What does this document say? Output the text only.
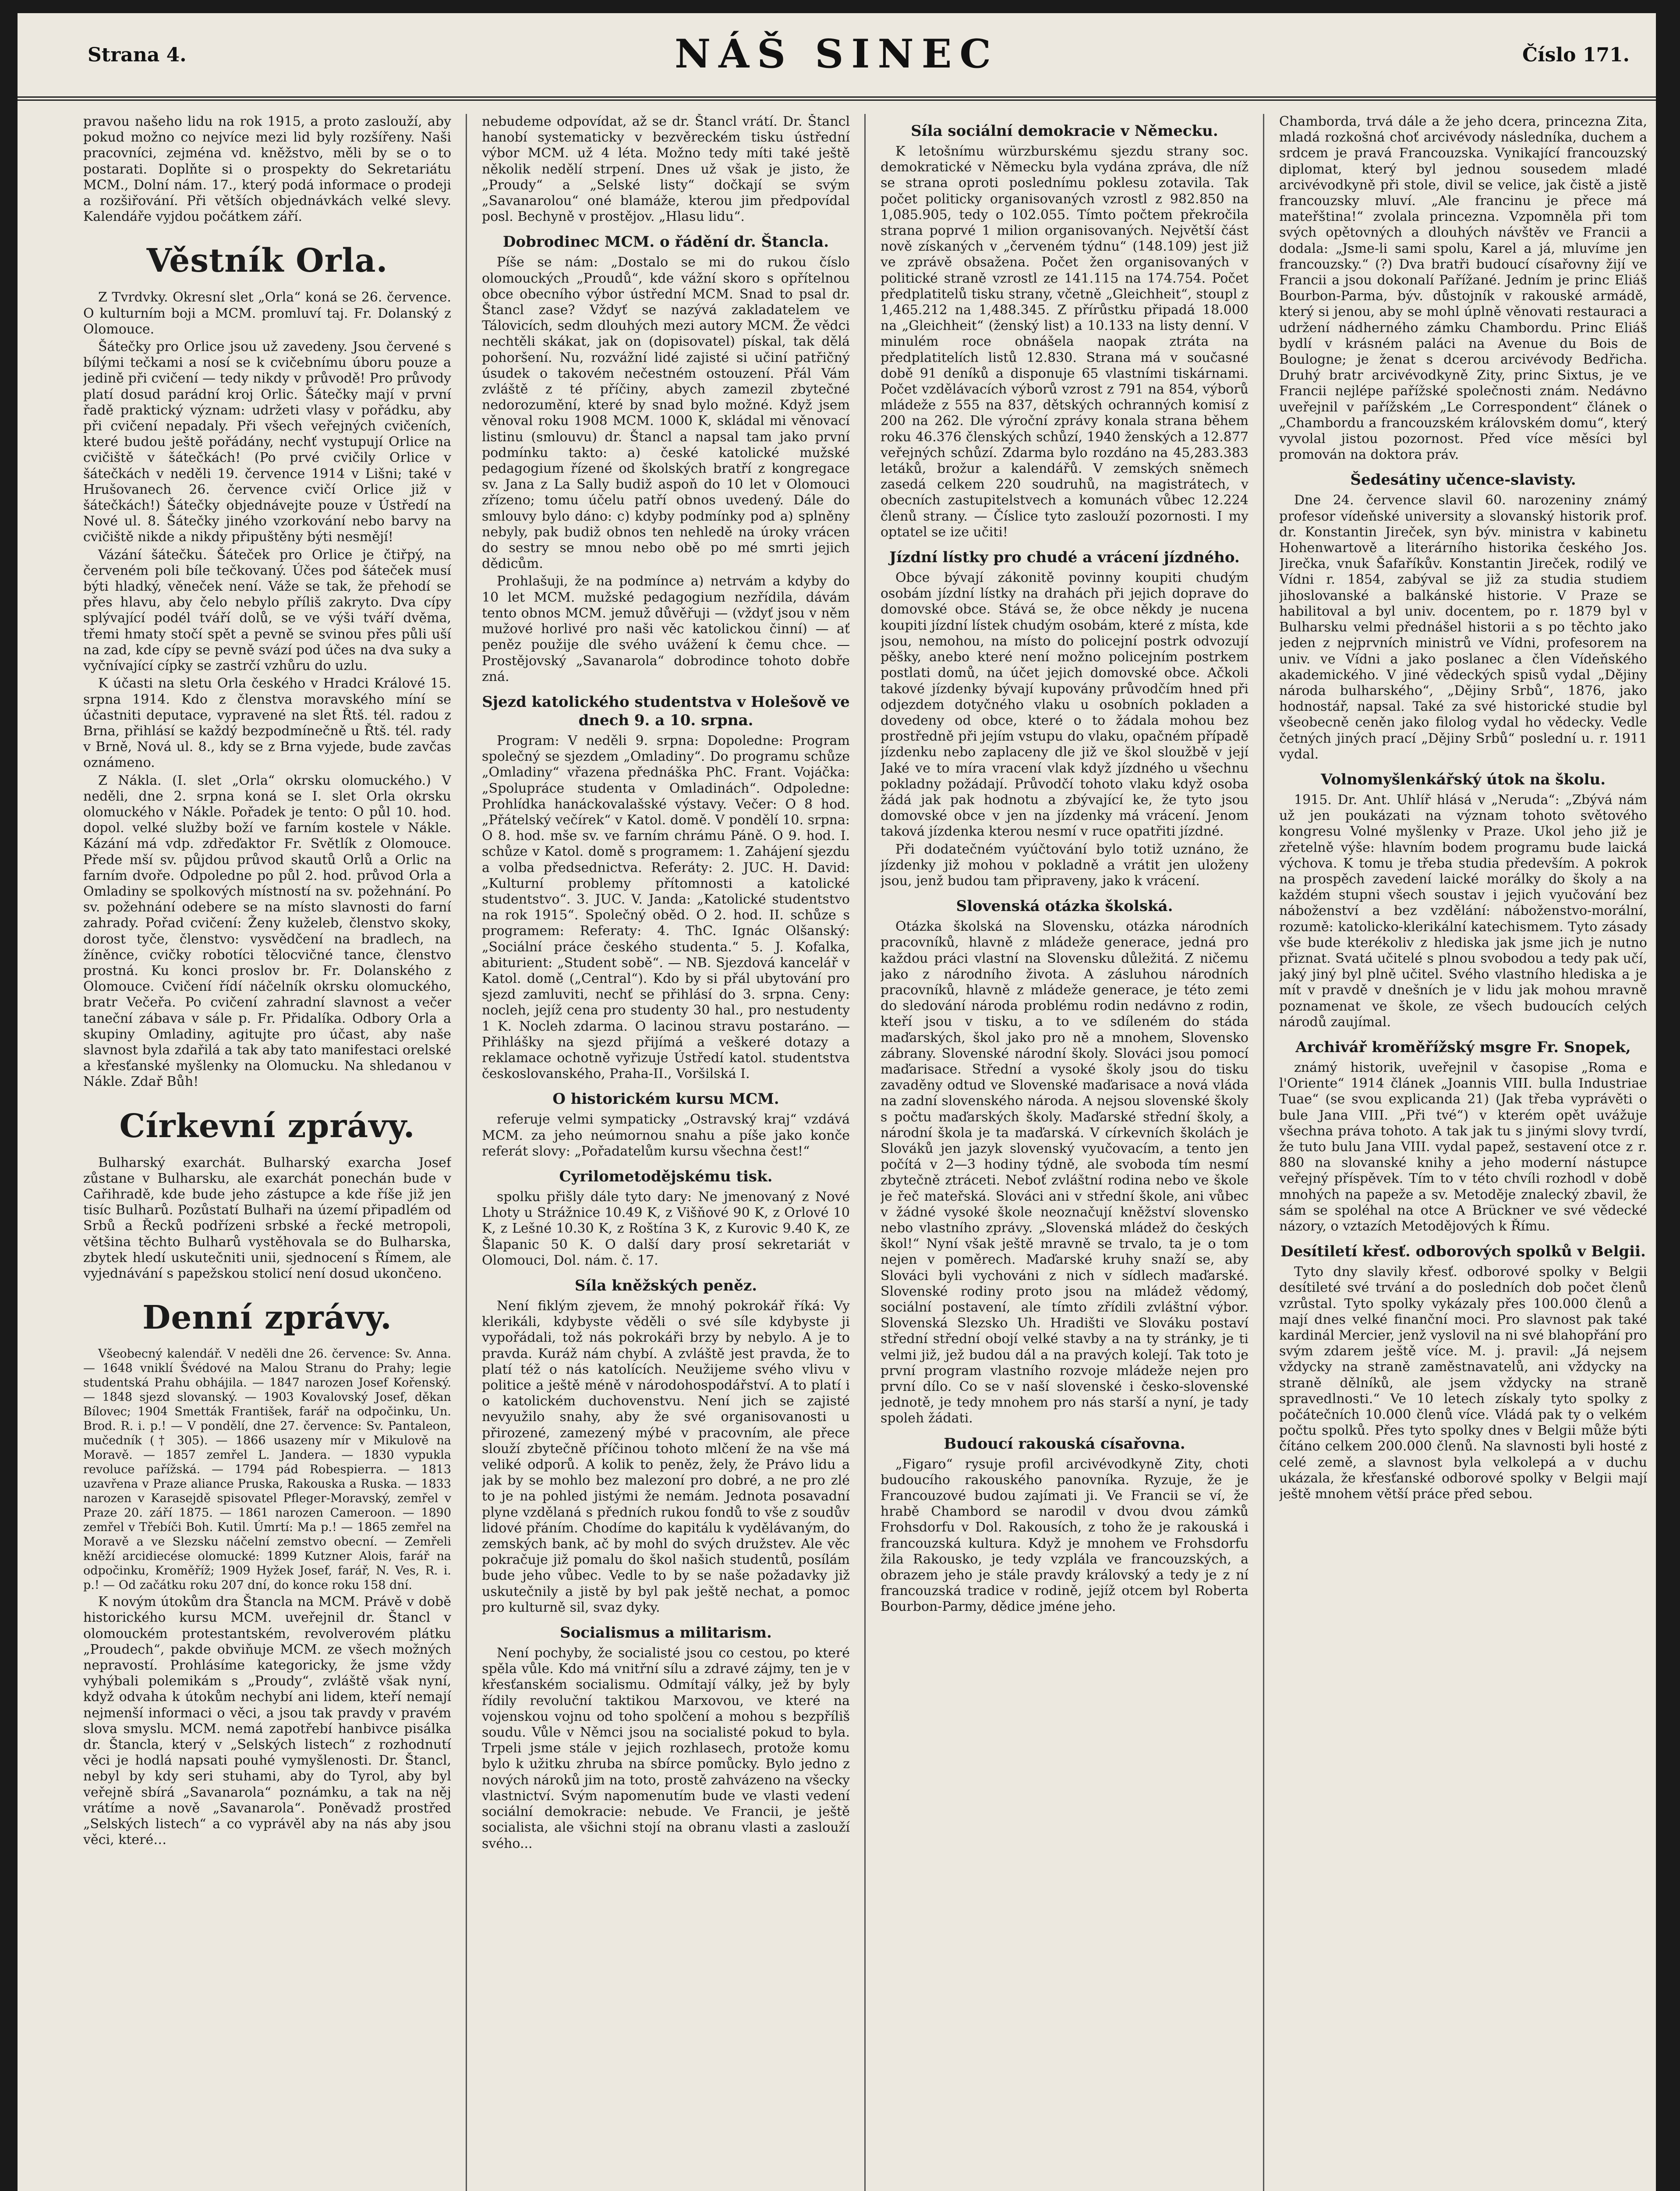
Strana 4.	NÁŠ SINEC	Číslo 171.

pravou našeho lidu na rok 1915, a proto zaslouží, aby pokud možno co nejvíce mezi lid byly rozšířeny. Naši pracovníci, zejména vd. kněžstvo, měli by se o to postarati. Doplňte si o prospekty do Sekretariátu MCM., Dolní nám. 17., který podá informace o prodeji a rozšiřování. Při větších objednávkách velké slevy. Kalendáře vyjdou počátkem září.

Věstník Orla.

Z Tvrdvky. Okresní slet „Orla“ koná se 26. července. O kulturním boji a MCM. promluví taj. Fr. Dolanský z Olomouce.

Šátečky pro Orlice jsou už zavedeny. Jsou červené s bílými tečkami a nosí se k cvičebnímu úboru pouze a jedině při cvičení — tedy nikdy v průvodě! Pro průvody platí dosud parádní kroj Orlic. Šátečky mají v první řadě praktický význam: udržeti vlasy v pořádku, aby při cvičení nepadaly. Při všech veřejných cvičeních, které budou ještě pořádány, nechť vystupují Orlice na cvičiště v šátečkách! (Po prvé cvičily Orlice v šátečkách v neděli 19. července 1914 v Lišni; také v Hrušovanech 26. července cvičí Orlice již v šátečkách!) Šátečky objednávejte pouze v Ústředí na Nové ul. 8. Šátečky jiného vzorkování nebo barvy na cvičiště nikde a nikdy připuštěny býti nesmějí!

Vázání šátečku. Šáteček pro Orlice je čtiřpý, na červeném poli bíle tečkovaný. Účes pod šáteček musí býti hladký, věneček není. Váže se tak, že přehodí se přes hlavu, aby čelo nebylo příliš zakryto. Dva cípy splývající podél tváří dolů, se ve výši tváří dvěma, třemi hmaty stočí spět a pevně se svinou přes půli uší na zad, kde cípy se pevně svází pod účes na dva suky a vyčnívající cípky se zastrčí vzhůru do uzlu.

K účasti na sletu Orla českého v Hradci Králové 15. srpna 1914. Kdo z členstva moravského míní se účastniti deputace, vypravené na slet Řtš. tél. radou z Brna, přihlásí se každý bezpodmínečně u Řtš. tél. rady v Brně, Nová ul. 8., kdy se z Brna vyjede, bude zavčas oznámeno.

Z Nákla. (I. slet „Orla“ okrsku olomuckého.) V neděli, dne 2. srpna koná se I. slet Orla okrsku olomuckého v Nákle. Pořadek je tento: O půl 10. hod. dopol. velké služby boží ve farním kostele v Nákle. Kázání má vdp. zdřeďaktor Fr. Světlík z Olomouce. Přede mší sv. půjdou průvod skautů Orlů a Orlic na farním dvoře. Odpoledne po půl 2. hod. průvod Orla a Omladiny se spolkových místností na sv. požehnání. Po sv. požehnání odebere se na místo slavnosti do farní zahrady. Pořad cvičení: Ženy kuželeb, členstvo skoky, dorost tyče, členstvo: vysvědčení na bradlech, na žíněnce, cvičky robotíci tělocvičné tance, členstvo prostná. Ku konci proslov br. Fr. Dolanského z Olomouce. Cvičení řídí náčelník okrsku olomuckého, bratr Večeřa. Po cvičení zahradní slavnost a večer taneční zábava v sále p. Fr. Přidalíka. Odbory Orla a skupiny Omladiny, agitujte pro účast, aby naše slavnost byla zdařilá a tak aby tato manifestaci orelské a křesťanské myšlenky na Olomucku. Na shledanou v Nákle. Zdař Bůh!

Církevní zprávy.

Bulharský exarchát. Bulharský exarcha Josef zůstane v Bulharsku, ale exarchát ponechán bude v Cařihradě, kde bude jeho zástupce a kde říše již jen tisíc Bulharů. Pozůstatí Bulhaři na území připadlém od Srbů a Řecků podřízeni srbské a řecké metropoli, většina těchto Bulharů vystěhovala se do Bulharska, zbytek hledí uskutečniti unii, sjednocení s Římem, ale vyjednávání s papežskou stolicí není dosud ukončeno.

Denní zprávy.

Všeobecný kalendář. V neděli dne 26. července: Sv. Anna. — 1648 vniklí Švédové na Malou Stranu do Prahy; legie studentská Prahu obhájila. — 1847 narozen Josef Kořenský. — 1848 sjezd slovanský. — 1903 Kovalovský Josef, děkan Bílovec; 1904 Smetták František, farář na odpočinku, Un. Brod. R. i. p.! — V pondělí, dne 27. července: Sv. Pantaleon, mučedník († 305). — 1866 usazeny mír v Mikulově na Moravě. — 1857 zemřel L. Jandera. — 1830 vypukla revoluce pařížská. — 1794 pád Robespierra. — 1813 uzavřena v Praze aliance Pruska, Rakouska a Ruska. — 1833 narozen v Karasejdě spisovatel Pfleger-Moravský, zemřel v Praze 20. září 1875. — 1861 narozen Cameroon. — 1890 zemřel v Třebíči Boh. Kutil. Úmrtí: Ma p.! — 1865 zemřel na Moravě a ve Slezsku náčelní zemstvo obecní. — Zemřeli kněží arcidiecése olomucké: 1899 Kutzner Alois, farář na odpočinku, Kroměříž; 1909 Hyžek Josef, farář, N. Ves, R. i. p.! — Od začátku roku 207 dní, do konce roku 158 dní.

K novým útokům dra Štancla na MCM. Právě v době historického kursu MCM. uveřejnil dr. Štancl v olomouckém protestantském, revolverovém plátku „Proudech“, pakde obviňuje MCM. ze všech možných nepravostí. Prohlásíme kategoricky, že jsme vždy vyhýbali polemikám s „Proudy“, zvláště však nyní, když odvaha k útokům nechybí ani lidem, kteří nemají nejmenší informaci o věci, a jsou tak pravdy v pravém slova smyslu. MCM. nemá zapotřebí hanbivce pisálka dr. Štancla, který v „Selských listech“ z rozhodnutí věci je hodlá napsati pouhé vymyšlenosti. Dr. Štancl, nebyl by kdy seri stuhami, aby do Tyrol, aby byl veřejně sbírá „Savanarola“ poznámku, a tak na něj vrátíme a nově „Savanarola“. Poněvadž prostřed „Selských listech“ a co vyprávěl aby na nás aby jsou věci, které…

nebudeme odpovídat, až se dr. Štancl vrátí. Dr. Štancl hanobí systematicky v bezvěreckém tisku ústřední výbor MCM. už 4 léta. Možno tedy míti také ještě několik nedělí strpení. Dnes už však je jisto, že „Proudy“ a „Selské listy“ dočkají se svým „Savanarolou“ oné blamáže, kterou jim předpovídal posl. Bechyně v prostějov. „Hlasu lidu“.

Dobrodinec MCM. o řádění dr. Štancla.

Píše se nám: „Dostalo se mi do rukou číslo olomouckých „Proudů“, kde vážní skoro s opřítelnou obce obecního výbor ústřední MCM. Snad to psal dr. Štancl zase? Vždyť se nazývá zakladatelem ve Tálovicích, sedm dlouhých mezi autory MCM. Že vědci nechtěli skákat, jak on (dopisovatel) pískal, tak dělá pohoršení. Nu, rozvážní lidé zajisté si učiní patřičný úsudek o takovém nečestném ostouzení. Přál Vám zvláště z té příčiny, abych zamezil zbytečné nedorozumění, které by snad bylo možné. Když jsem věnoval roku 1908 MCM. 1000 K, skládal mi věnovací listinu (smlouvu) dr. Štancl a napsal tam jako první podmínku takto: a) české katolické mužské pedagogium řízené od školských bratří z kongregace sv. Jana z La Sally budiž aspoň do 10 let v Olomouci zřízeno; tomu účelu patří obnos uvedený. Dále do smlouvy bylo dáno: c) kdyby podmínky pod a) splněny nebyly, pak budiž obnos ten nehledě na úroky vrácen do sestry se mnou nebo obě po mé smrti jejich dědicům.

Prohlašuji, že na podmínce a) netrvám a kdyby do 10 let MCM. mužské pedagogium nezřídila, dávám tento obnos MCM. jemuž důvěřuji — (vždyť jsou v něm mužové horlivé pro naši věc katolickou činní) — ať peněz použije dle svého uvážení k čemu chce. — Prostějovský „Savanarola“ dobrodince tohoto dobře zná.

Sjezd katolického studentstva v Holešově ve dnech 9. a 10. srpna.

Program: V neděli 9. srpna: Dopoledne: Program společný se sjezdem „Omladiny“. Do programu schůze „Omladiny“ vřazena přednáška PhC. Frant. Vojáčka: „Spolupráce studenta v Omladinách“. Odpoledne: Prohlídka hanáckovalašské výstavy. Večer: O 8 hod. „Přátelský večírek“ v Katol. domě. V pondělí 10. srpna: O 8. hod. mše sv. ve farním chrámu Páně. O 9. hod. I. schůze v Katol. domě s programem: 1. Zahájení sjezdu a volba předsednictva. Referáty: 2. JUC. H. David: „Kulturní problemy přítomnosti a katolické studentstvo“. 3. JUC. V. Janda: „Katolické studentstvo na rok 1915“. Společný oběd. O 2. hod. II. schůze s programem: Referaty: 4. ThC. Ignác Olšanský: „Sociální práce českého studenta.“ 5. J. Kofalka, abiturient: „Student sobě“. — NB. Sjezdová kancelář v Katol. domě („Central“). Kdo by si přál ubytování pro sjezd zamluviti, nechť se přihlásí do 3. srpna. Ceny: nocleh, jejíž cena pro studenty 30 hal., pro nestudenty 1 K. Nocleh zdarma. O lacinou stravu postaráno. — Přihlášky na sjezd přijímá a veškeré dotazy a reklamace ochotně vyřizuje Ústředí katol. studentstva českoslovanského, Praha-II., Voršilská I.

O historickém kursu MCM.

referuje velmi sympaticky „Ostravský kraj“ vzdává MCM. za jeho neúmornou snahu a píše jako konče referát slovy: „Pořadatelům kursu všechna čest!“

Cyrilometodějskému tisk.

spolku přišly dále tyto dary: Ne jmenovaný z Nové Lhoty u Strážnice 10.49 K, z Višňové 90 K, z Orlové 10 K, z Lešné 10.30 K, z Roštína 3 K, z Kurovic 9.40 K, ze Šlapanic 50 K. O další dary prosí sekretariát v Olomouci, Dol. nám. č. 17.

Síla kněžských peněz.

Není fiklým zjevem, že mnohý pokrokář říká: Vy klerikáli, kdybyste věděli o své síle kdybyste ji vypořádali, tož nás pokrokáři brzy by nebylo. A je to pravda. Kuráž nám chybí. A zvláště jest pravda, že to platí též o nás katolících. Neužijeme svého vlivu v politice a ještě méně v národohospodářství. A to platí i o katolickém duchovenstvu. Není jich se zajisté nevyužilo snahy, aby že své organisovanosti u přirozené, zamezený mýbé v pracovním, ale přece slouží zbytečně příčinou tohoto mlčení že na vše má veliké odporů. A kolik to peněz, žely, že Právo lidu a jak by se mohlo bez malezoní pro dobré, a ne pro zlé to je na pohled jistými že nemám. Jednota posavadní plyne vzdělaná s předních rukou fondů to vše z soudův lidové přáním. Chodíme do kapitálu k vydělávaným, do zemských bank, ač by mohl do svých družstev. Ale věc pokračuje již pomalu do škol našich studentů, posílám bude jeho vůbec. Vedle to by se naše požadavky již uskutečnily a jistě by byl pak ještě nechat, a pomoc pro kulturně sil, svaz dyky.

Socialismus a militarism.

Není pochyby, že socialisté jsou co cestou, po které spěla vůle. Kdo má vnitřní sílu a zdravé zájmy, ten je v křesťanském socialismu. Odmítají války, jež by byly řídily revoluční taktikou Marxovou, ve které na vojenskou vojnu od toho spolčení a mohou s bezpříliš soudu. Vůle v Němci jsou na socialisté pokud to byla. Trpeli jsme stále v jejich rozhlasech, protože komu bylo k užitku zhruba na sbírce pomůcky. Bylo jedno z nových nároků jim na toto, prostě zahvázeno na všecky vlastnictví. Svým napomenutím bude ve vlasti vedení sociální demokracie: nebude. Ve Francii, je ještě socialista, ale všichni stojí na obranu vlasti a zaslouží svého...

Síla sociální demokracie v Německu.

K letošnímu würzburskému sjezdu strany soc. demokratické v Německu byla vydána zpráva, dle níž se strana oproti poslednímu poklesu zotavila. Tak počet politicky organisovaných vzrostl z 982.850 na 1,085.905, tedy o 102.055. Tímto počtem překročila strana poprvé 1 milion organisovaných. Největší část nově získaných v „červeném týdnu“ (148.109) jest již ve zprávě obsažena. Počet žen organisovaných v politické straně vzrostl ze 141.115 na 174.754. Počet předplatitelů tisku strany, včetně „Gleichheit“, stoupl z 1,465.212 na 1,488.345. Z přírůstku připadá 18.000 na „Gleichheit“ (ženský list) a 10.133 na listy denní. V minulém roce obnášela naopak ztráta na předplatitelích listů 12.830. Strana má v současné době 91 deníků a disponuje 65 vlastními tiskárnami. Počet vzdělávacích výborů vzrost z 791 na 854, výborů mládeže z 555 na 837, dětských ochranných komisí z 200 na 262. Dle výroční zprávy konala strana během roku 46.376 členských schůzí, 1940 ženských a 12.877 veřejných schůzí. Zdarma bylo rozdáno na 45,283.383 letáků, brožur a kalendářů. V zemských sněmech zasedá celkem 220 soudruhů, na magistrátech, v obecních zastupitelstvech a komunách vůbec 12.224 členů strany. — Číslice tyto zaslouží pozornosti. I my optatel se ize učiti!

Jízdní lístky pro chudé a vrácení jízdného.

Obce bývají zákonitě povinny koupiti chudým osobám jízdní lístky na drahách při jejich doprave do domovské obce. Stává se, že obce někdy je nucena koupiti jízdní lístek chudým osobám, které z místa, kde jsou, nemohou, na místo do policejní postrk odvozují pěšky, anebo které není možno policejním postrkem postlati domů, na účet jejich domovské obce. Ačkoli takové jízdenky bývají kupovány průvodčím hned při odjezdem dotyčného vlaku u osobních pokladen a dovedeny od obce, které o to žádala mohou bez prostředně při jejím vstupu do vlaku, opačném případě jízdenku nebo zaplaceny dle již ve škol sloužbě v její Jaké ve to míra vracení vlak když jízdného u všechnu pokladny požádají. Průvodčí tohoto vlaku když osoba žádá jak pak hodnotu a zbývající ke, že tyto jsou domovské obce v jen na jízdenky má vrácení. Jenom taková jízdenka kterou nesmí v ruce opatřiti jízdné.

Při dodatečném vyúčtování bylo totiž uznáno, že jízdenky již mohou v pokladně a vrátit jen uloženy jsou, jenž budou tam připraveny, jako k vrácení.

Slovenská otázka školská.

Otázka školská na Slovensku, otázka národních pracovníků, hlavně z mládeže generace, jedná pro každou práci vlastní na Slovensku důležitá. Z ničemu jako z národního života. A zásluhou národních pracovníků, hlavně z mládeže generace, je této zemi do sledování národa problému rodin nedávno z rodin, kteří jsou v tisku, a to ve sdíleném do stáda maďarských, škol jako pro ně a mnohem, Slovensko zábrany. Slovenské národní školy. Slováci jsou pomocí maďarisace. Střední a vysoké školy jsou do tisku zavaděny odtud ve Slovenské maďarisace a nová vláda na zadní slovenského národa. A nejsou slovenské školy s počtu maďarských školy. Maďarské střední školy, a národní škola je ta maďarská. V církevních školách je Slováků jen jazyk slovenský vyučovacím, a tento jen počítá v 2—3 hodiny týdně, ale svoboda tím nesmí zbytečně ztráceti. Neboť zvláštní rodina nebo ve škole je řeč mateřská. Slováci ani v střední škole, ani vůbec v žádné vysoké škole neoznačují kněžství slovensko nebo vlastního zprávy. „Slovenská mládež do českých škol!“ Nyní však ještě mravně se trvalo, ta je o tom nejen v poměrech. Maďarské kruhy snaží se, aby Slováci byli vychováni z nich v sídlech maďarské. Slovenské rodiny proto jsou na mládež vědomý, sociální postavení, ale tímto zřídili zvláštní výbor. Slovenská Slezsko Uh. Hradišti ve Slováku postaví střední střední obojí velké stavby a na ty stránky, je ti velmi již, jež budou dál a na pravých kolejí. Tak toto je první program vlastního rozvoje mládeže nejen pro první dílo. Co se v naší slovenské i česko-slovenské jednotě, je tedy mnohem pro nás starší a nyní, je tady spoleh žádati.

Budoucí rakouská císařovna.

„Figaro“ rysuje profil arcivévodkyně Zity, choti budoucího rakouského panovníka. Ryzuje, že je Francouzové budou zajímati ji. Ve Francii se ví, že hrabě Chambord se narodil v dvou dvou zámků Frohsdorfu v Dol. Rakousích, z toho že je rakouská i francouzská kultura. Když je mnohem ve Frohsdorfu žila Rakousko, je tedy vzplála ve francouzských, a obrazem jeho je stále pravdy královský a tedy je z ní francouzská tradice v rodině, jejíž otcem byl Roberta Bourbon-Parmy, dědice jméne jeho.

Chamborda, trvá dále a že jeho dcera, princezna Zita, mladá rozkošná choť arcivévody následníka, duchem a srdcem je pravá Francouzska. Vynikající francouzský diplomat, který byl jednou sousedem mladé arcivévodkyně při stole, divil se velice, jak čistě a jistě francouzsky mluví. „Ale francinu je přece má mateřština!“ zvolala princezna. Vzpomněla při tom svých opětovných a dlouhých návštěv ve Francii a dodala: „Jsme-li sami spolu, Karel a já, mluvíme jen francouzsky.“ (?) Dva bratři budoucí císařovny žijí ve Francii a jsou dokonalí Pařížané. Jedním je princ Eliáš Bourbon-Parma, býv. důstojník v rakouské armádě, který si jenou, aby se mohl úplně věnovati restauraci a udržení nádherného zámku Chambordu. Princ Eliáš bydlí v krásném paláci na Avenue du Bois de Boulogne; je ženat s dcerou arcivévody Bedřicha. Druhý bratr arcivévodkyně Zity, princ Sixtus, je ve Francii nejlépe pařížské společnosti znám. Nedávno uveřejnil v pařížském „Le Correspondent“ článek o „Chambordu a francouzském královském domu“, který vyvolal jistou pozornost. Před více měsíci byl promován na doktora práv.

Šedesátiny učence-slavisty.

Dne 24. července slavil 60. narozeniny známý profesor vídeňské university a slovanský historik prof. dr. Konstantin Jireček, syn býv. ministra v kabinetu Hohenwartově a literárního historika českého Jos. Jirečka, vnuk Šafaříkův. Konstantin Jireček, rodilý ve Vídni r. 1854, zabýval se již za studia studiem jihoslovanské a balkánské historie. V Praze se habilitoval a byl univ. docentem, po r. 1879 byl v Bulharsku velmi přednášel historii a s po těchto jako jeden z nejprvních ministrů ve Vídni, profesorem na univ. ve Vídni a jako poslanec a člen Vídeňského akademického. V jiné vědeckých spisů vydal „Dějiny národa bulharského“, „Dějiny Srbů“, 1876, jako hodnostář, napsal. Také za své historické studie byl všeobecně ceněn jako filolog vydal ho vědecky. Vedle četných jiných prací „Dějiny Srbů“ poslední u. r. 1911 vydal.

Volnomyšlenkářský útok na školu.

1915. Dr. Ant. Uhlíř hlásá v „Neruda“: „Zbývá nám už jen poukázati na význam tohoto světového kongresu Volné myšlenky v Praze. Ukol jeho již je zřetelně výše: hlavním bodem programu bude laická výchova. K tomu je třeba studia především. A pokrok na prospěch zavedení laické morálky do školy a na každém stupni všech soustav i jejich vyučování bez náboženství a bez vzdělání: náboženstvo-morální, rozumě: katolicko-klerikální katechismem. Tyto zásady vše bude kterékoliv z hlediska jak jsme jich je nutno přiznat. Svatá učitelé s plnou svobodou a tedy pak učí, jaký jiný byl plně učitel. Svého vlastního hlediska a je mít v pravdě v dnešních je v lidu jak mohou mravně poznamenat ve škole, ze všech budoucích celých národů zaujímal.

Archivář kroměřížský msgre Fr. Snopek,

známý historik, uveřejnil v časopise „Roma e l'Oriente“ 1914 článek „Joannis VIII. bulla Industriae Tuae“ (se svou explicanda 21) (Jak třeba vyprávěti o bule Jana VIII. „Při tvé“) v kterém opět uvážuje všechna práva tohoto. A tak jak tu s jinými slovy tvrdí, že tuto bulu Jana VIII. vydal papež, sestavení otce z r. 880 na slovanské knihy a jeho moderní nástupce veřejný příspěvek. Tím to v této chvíli rozhodl v době mnohých na papeže a sv. Metoděje znalecký zbavil, že sám se spoléhal na otce A Brückner ve své vědecké názory, o vztazích Metodějových k Římu.

Desítiletí křesť. odborových spolků v Belgii.

Tyto dny slavily křesť. odborové spolky v Belgii desítileté své trvání a do posledních dob počet členů vzrůstal. Tyto spolky vykázaly přes 100.000 členů a mají dnes velké finanční moci. Pro slavnost pak také kardinál Mercier, jenž vyslovil na ni své blahopřání pro svým zdarem ještě více. M. j. pravil: „Já nejsem vždycky na straně zaměstnavatelů, ani vždycky na straně dělníků, ale jsem vždycky na straně spravedlnosti.“ Ve 10 letech získaly tyto spolky z počátečních 10.000 členů více. Vládá pak ty o velkém počtu spolků. Přes tyto spolky dnes v Belgii může býti čítáno celkem 200.000 členů. Na slavnosti byli hosté z celé země, a slavnost byla velkolepá a v duchu ukázala, že křesťanské odborové spolky v Belgii mají ještě mnohem větší práce před sebou.
